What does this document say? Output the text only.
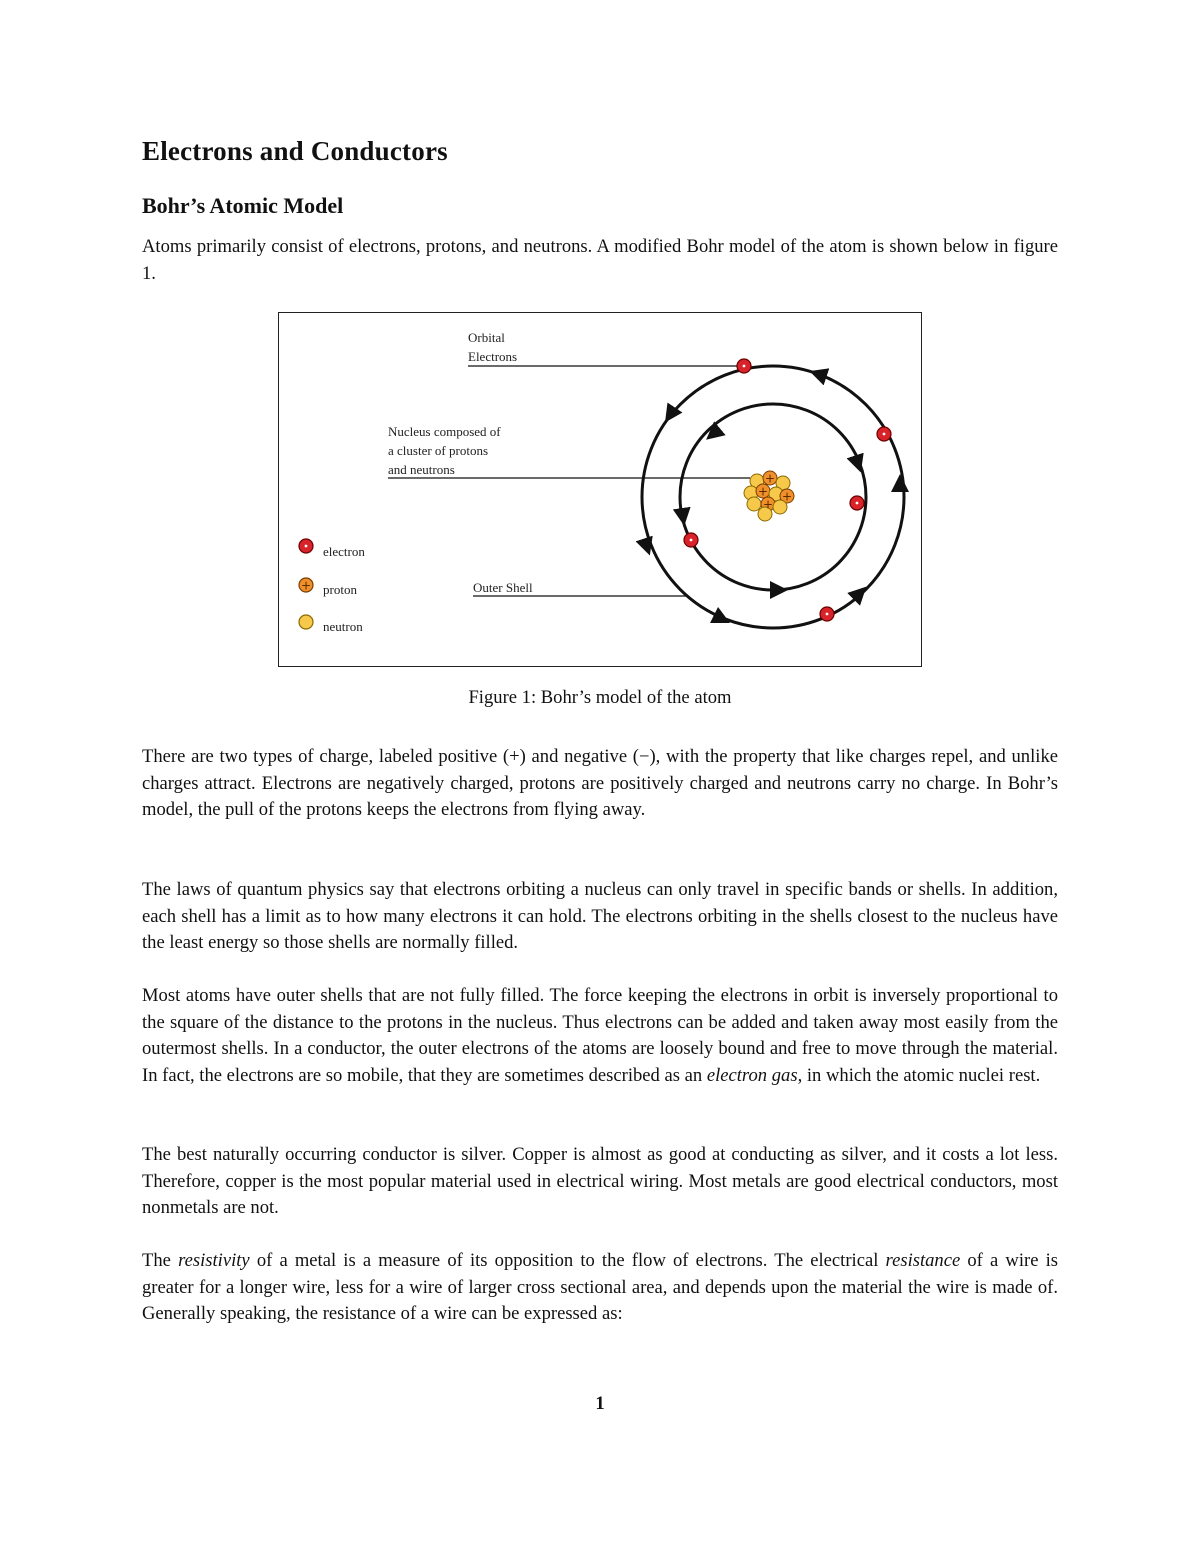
Electrons and Conductors
Bohr’s Atomic Model

Atoms primarily consist of electrons, protons, and neutrons. A modified Bohr model of the atom is shown below in figure 1.

+
+ +
+
Orbital
Electrons
Nucleus composed of
a cluster of protons
and neutrons
Outer Shell
electron
+ proton
neutron

Figure 1: Bohr’s model of the atom

There are two types of charge, labeled positive (+) and negative (−), with the property that like charges repel, and unlike charges attract. Electrons are negatively charged, protons are positively charged and neutrons carry no charge. In Bohr’s model, the pull of the protons keeps the electrons from flying away.

The laws of quantum physics say that electrons orbiting a nucleus can only travel in specific bands or shells. In addition, each shell has a limit as to how many electrons it can hold. The electrons orbiting in the shells closest to the nucleus have the least energy so those shells are normally filled.

Most atoms have outer shells that are not fully filled. The force keeping the electrons in orbit is inversely proportional to the square of the distance to the protons in the nucleus. Thus electrons can be added and taken away most easily from the outermost shells. In a conductor, the outer electrons of the atoms are loosely bound and free to move through the material. In fact, the electrons are so mobile, that they are sometimes described as an electron gas, in which the atomic nuclei rest.

The best naturally occurring conductor is silver. Copper is almost as good at conducting as silver, and it costs a lot less. Therefore, copper is the most popular material used in electrical wiring. Most metals are good electrical conductors, most nonmetals are not.

The resistivity of a metal is a measure of its opposition to the flow of electrons. The electrical resistance of a wire is greater for a longer wire, less for a wire of larger cross sectional area, and depends upon the material the wire is made of. Generally speaking, the resistance of a wire can be expressed as:

1
